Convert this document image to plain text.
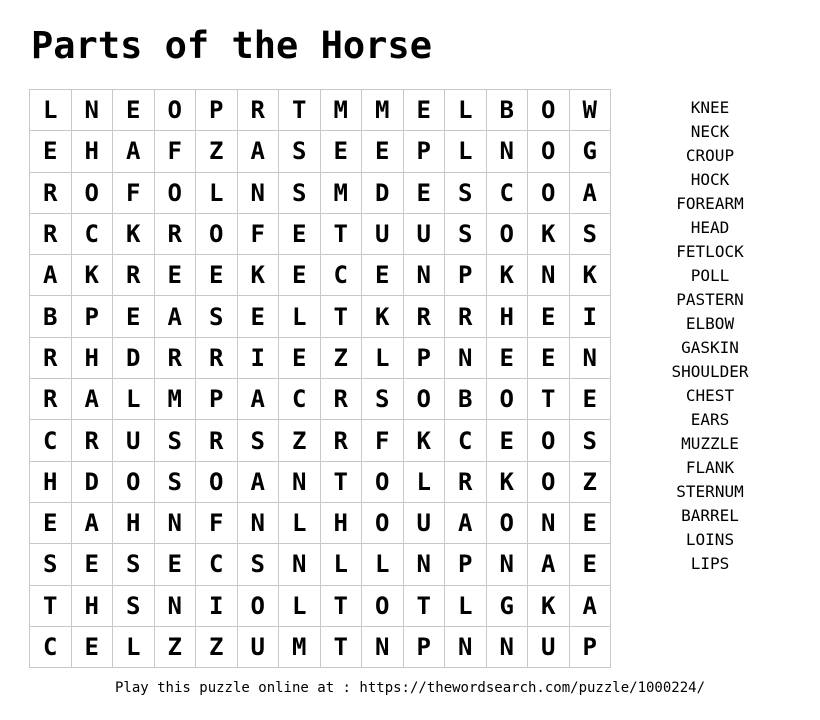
Parts of the Horse
L	N	E	O	P	R	T	M	M	E	L	B	O	W
E	H	A	F	Z	A	S	E	E	P	L	N	O	G
R	O	F	O	L	N	S	M	D	E	S	C	O	A
R	C	K	R	O	F	E	T	U	U	S	O	K	S
A	K	R	E	E	K	E	C	E	N	P	K	N	K
B	P	E	A	S	E	L	T	K	R	R	H	E	I
R	H	D	R	R	I	E	Z	L	P	N	E	E	N
R	A	L	M	P	A	C	R	S	O	B	O	T	E
C	R	U	S	R	S	Z	R	F	K	C	E	O	S
H	D	O	S	O	A	N	T	O	L	R	K	O	Z
E	A	H	N	F	N	L	H	O	U	A	O	N	E
S	E	S	E	C	S	N	L	L	N	P	N	A	E
T	H	S	N	I	O	L	T	O	T	L	G	K	A
C	E	L	Z	Z	U	M	T	N	P	N	N	U	P
KNEE
NECK
CROUP
HOCK
FOREARM
HEAD
FETLOCK
POLL
PASTERN
ELBOW
GASKIN
SHOULDER
CHEST
EARS
MUZZLE
FLANK
STERNUM
BARREL
LOINS
LIPS
Play this puzzle online at : https://thewordsearch.com/puzzle/1000224/
